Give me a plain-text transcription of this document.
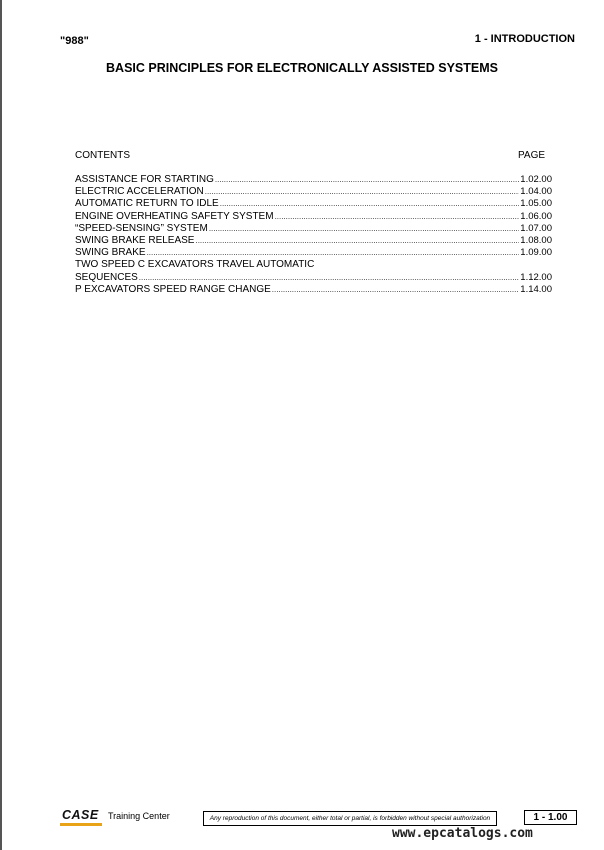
"988"	1 - INTRODUCTION
BASIC PRINCIPLES FOR ELECTRONICALLY ASSISTED SYSTEMS
CONTENTS	PAGE
ASSISTANCE FOR STARTING .....	1.02.00
ELECTRIC ACCELERATION .....	1.04.00
AUTOMATIC RETURN TO IDLE .....	1.05.00
ENGINE OVERHEATING SAFETY SYSTEM .....	1.06.00
“SPEED-SENSING” SYSTEM .....	1.07.00
SWING BRAKE RELEASE .....	1.08.00
SWING BRAKE .....	1.09.00
TWO SPEED C EXCAVATORS TRAVEL AUTOMATIC
SEQUENCES .....	1.12.00
P EXCAVATORS SPEED RANGE CHANGE .....	1.14.00
CASE Training Center	Any reproduction of this document, either total or partial, is forbidden without special authorization	1 - 1.00
www.epcatalogs.com
